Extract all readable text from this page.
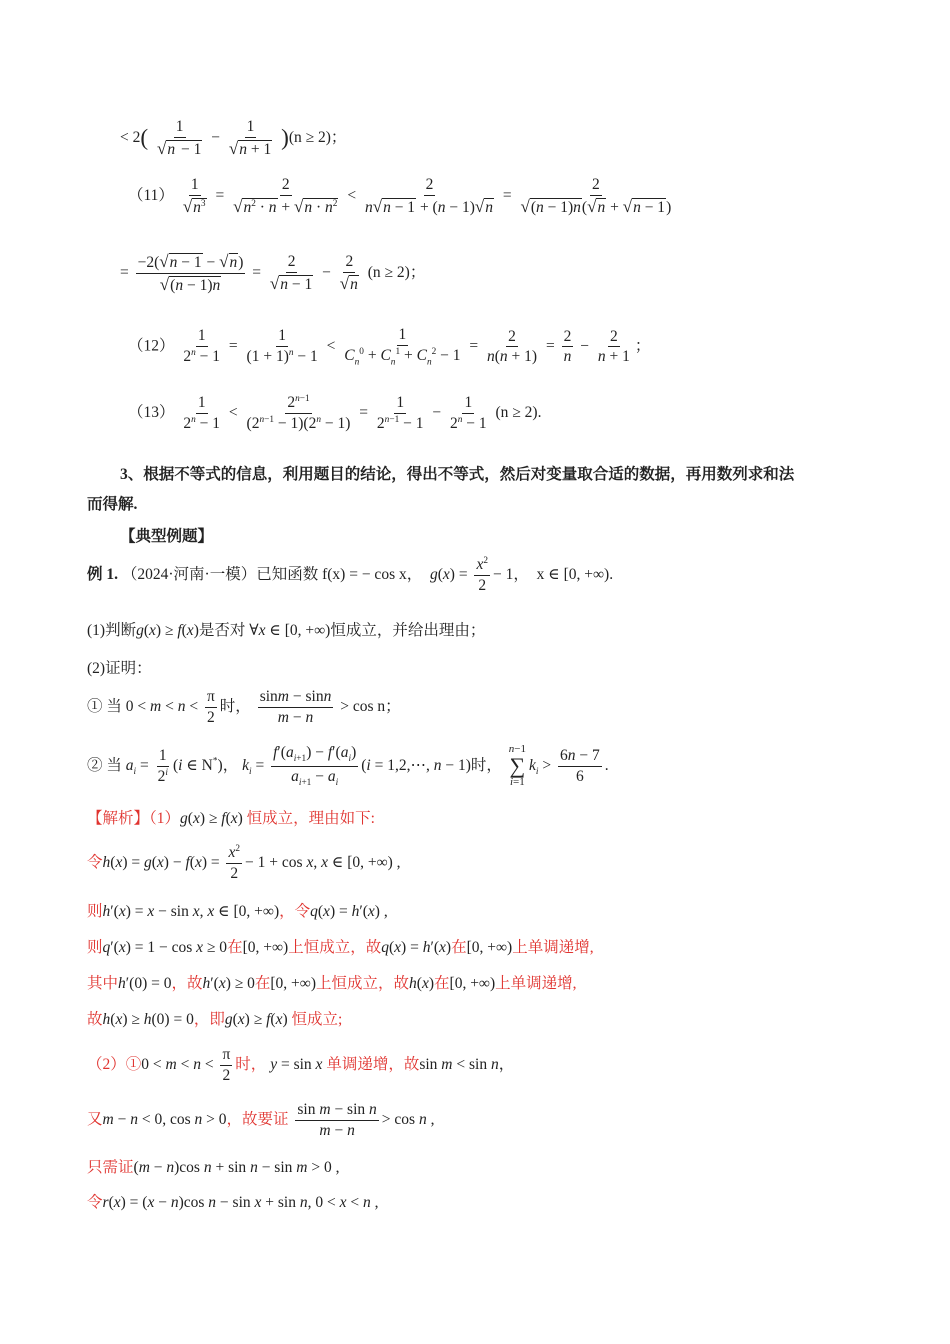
< $2( \frac{1}{√n - 1} - \frac{1}{√n + 1} )(n \ge 2)$；
$(11) \frac{1}{√n^3} = \frac{2}{√n^2 \cdot n + √n \cdot n^2} < \frac{2}{n√n - 1 + (n - 1)√n} = \frac{2}{√(n - 1)n(√n + √n - 1)}$
= $\frac{-2(√n - 1 - √n)}{√(n - 1)n} = \frac{2}{√n - 1} - \frac{2}{√n} (n \ge 2)$；
$(12) \frac{1}{2^n - 1} = \frac{1}{(1 + 1)^n - 1} < \frac{1}{C_n^0 + C_n^1 + C_n^2 - 1} = \frac{2}{n(n + 1)} = \frac{2}{n} - \frac{2}{n + 1}$ ；
$(13) \frac{1}{2^n - 1} < \frac{2^{n-1}}{(2^{n-1} - 1)(2^n - 1)} = \frac{1}{2^{n-1} - 1} - \frac{1}{2^n - 1} (n \ge 2)$.
3、根据不等式的信息，利用题目的结论，得出不等式，然后对变量取合适的数据，再用数列求和法
而得解.
【典型例题】
例 1. （2024·河南·一模）已知函数 f(x) = − cos x， $g(x) = \frac{x^2}{2} - 1$，  x ∈ [0, +∞).
(1)判断g(x) ≥ f(x)是否对 ∀x ∈ [0, +∞)恒成立，并给出理由；
(2)证明：
① 当 $0 < m < n < \frac{\pi}{2}$ 时， $\frac{\sin m - \sin n}{m - n} > \cos n$；
② 当 $a_i = \frac{1}{2^i} (i$ ∈ N*)， $k_i = \frac{f'(a_{i+1}) - f'(a_i)}{a_{i+1} - a_i} (i$ = 1,2,⋯, n − 1)时，
n−1
∑
i=1
$k_i > \frac{6n - 7}{6}$ .
【解析】（1）g(x) ≥ f(x) 恒成立，理由如下:
令$h(x) = g(x) - f(x) = \frac{x^2}{2} - 1 + \cos x$, x ∈ [0, +∞) ,
则h′(x) = x − sin x, x ∈ [0, +∞)，令q(x) = h′(x) ,
则q′(x) = 1 − cos x ≥ 0在[0, +∞)上恒成立，故q(x) = h′(x)在[0, +∞)上单调递增,
其中h′(0) = 0，故h′(x) ≥ 0在[0, +∞)上恒成立，故h(x)在[0, +∞)上单调递增,
故h(x) ≥ h(0) = 0，即g(x) ≥ f(x) 恒成立;
（2）①0 < $m < n < \frac{\pi}{2}$ 时， y = sin x 单调递增，故sin m < sin n，
又m − n < 0, cos n > 0，故要证 $\frac{\text{sin m − sin n}}{m - n} > \cos n$ ,
只需证(m − n)cos n + sin n − sin m > 0 ,
令r(x) = (x − n)cos n − sin x + sin n, 0 < x < n ,
